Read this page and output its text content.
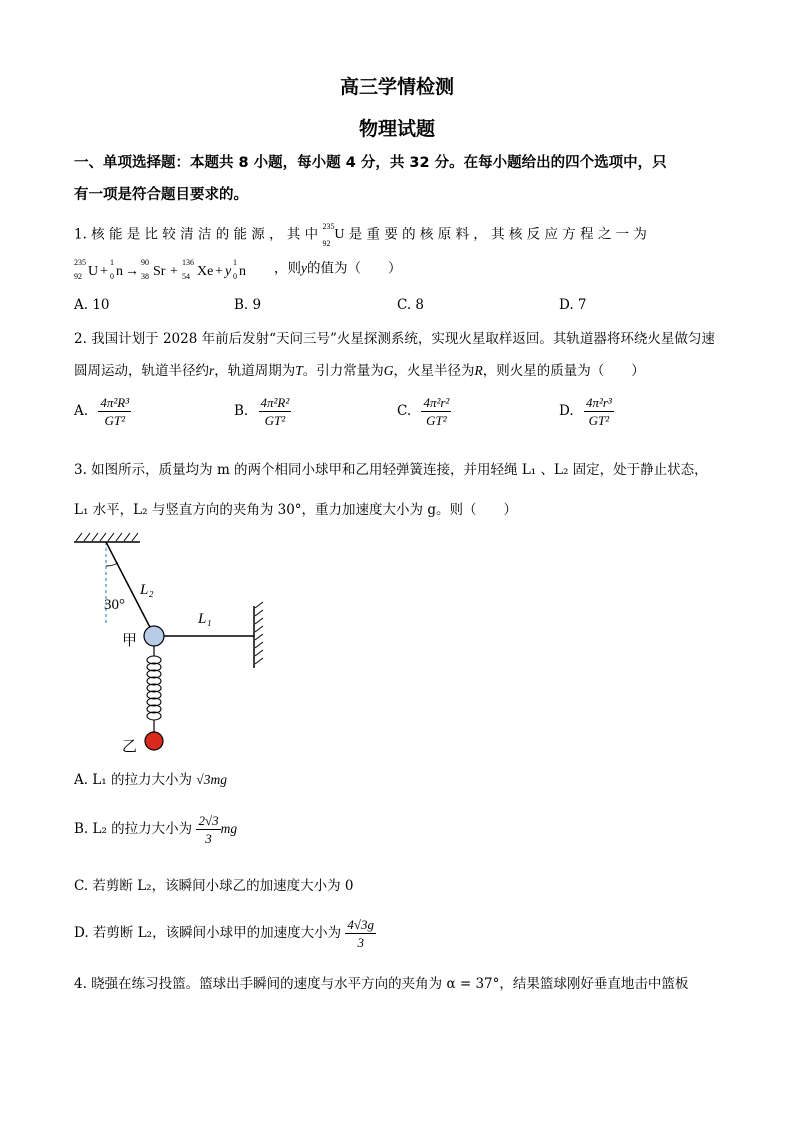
高三学情检测
物理试题
一、单项选择题：本题共 8 小题，每小题 4 分，共 32 分。在每小题给出的四个选项中，只
有一项是符合题目要求的。
1. 核 能 是 比 较 清 洁 的 能 源 ， 其 中 235
92
U 是 重 要 的 核 原 料 ， 其 核 反 应 方 程 之 一 为
235
92 U +
1
0 n →
90
38 Sr +
136
54 Xe + y
1
0 n ，则y的值为（　　）
A. 10	B. 9	C. 8	D. 7
2. 我国计划于 2028 年前后发射“天问三号”火星探测系统，实现火星取样返回。其轨道器将环绕火星做匀速
圆周运动，轨道半径约r，轨道周期为T。引力常量为G，火星半径为R，则火星的质量为（　　）
A. $\frac{\text{4π²R³}}{\text{GT²}}$	B. $\frac{\text{4π²R²}}{\text{GT²}}$	C. $\frac{\text{4π²r²}}{\text{GT²}}$	D. $\frac{\text{4π²r³}}{\text{GT²}}$
3. 如图所示，质量均为 m 的两个相同小球甲和乙用轻弹簧连接，并用轻绳 L₁ 、L₂ 固定，处于静止状态，
L₁ 水平，L₂ 与竖直方向的夹角为 30°，重力加速度大小为 g。则（　　）
30°
L₂
L₁
甲
乙
A. L₁ 的拉力大小为 √3mg
B. L₂ 的拉力大小为 $\frac{2√3}{3}$ mg
C. 若剪断 L₂，该瞬间小球乙的加速度大小为 0
D. 若剪断 L₂，该瞬间小球甲的加速度大小为 $\frac{4√3g}{3}$
4. 晓强在练习投篮。篮球出手瞬间的速度与水平方向的夹角为 α = 37°，结果篮球刚好垂直地击中篮板
